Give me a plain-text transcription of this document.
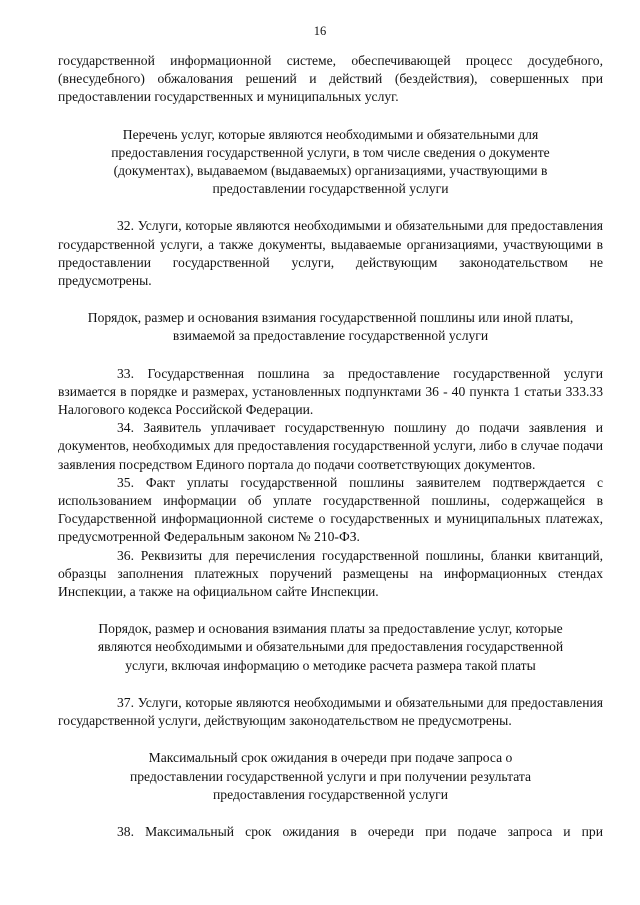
16

государственной информационной системе, обеспечивающей процесс досудебного, (внесудебного) обжалования решений и действий (бездействия), совершенных при предоставлении государственных и муниципальных услуг.

Перечень услуг, которые являются необходимыми и обязательными для предоставления государственной услуги, в том числе сведения о документе (документах), выдаваемом (выдаваемых) организациями, участвующими в предоставлении государственной услуги

32. Услуги, которые являются необходимыми и обязательными для предоставления государственной услуги, а также документы, выдаваемые организациями, участвующими в предоставлении государственной услуги, действующим законодательством не предусмотрены.

Порядок, размер и основания взимания государственной пошлины или иной платы, взимаемой за предоставление государственной услуги

33. Государственная пошлина за предоставление государственной услуги взимается в порядке и размерах, установленных подпунктами 36 - 40 пункта 1 статьи 333.33 Налогового кодекса Российской Федерации.

34. Заявитель уплачивает государственную пошлину до подачи заявления и документов, необходимых для предоставления государственной услуги, либо в случае подачи заявления посредством Единого портала до подачи соответствующих документов.

35. Факт уплаты государственной пошлины заявителем подтверждается с использованием информации об уплате государственной пошлины, содержащейся в Государственной информационной системе о государственных и муниципальных платежах, предусмотренной Федеральным законом № 210-ФЗ.

36. Реквизиты для перечисления государственной пошлины, бланки квитанций, образцы заполнения платежных поручений размещены на информационных стендах Инспекции, а также на официальном сайте Инспекции.

Порядок, размер и основания взимания платы за предоставление услуг, которые являются необходимыми и обязательными для предоставления государственной услуги, включая информацию о методике расчета размера такой платы

37. Услуги, которые являются необходимыми и обязательными для предоставления государственной услуги, действующим законодательством не предусмотрены.

Максимальный срок ожидания в очереди при подаче запроса о предоставлении государственной услуги и при получении результата предоставления государственной услуги

38. Максимальный срок ожидания в очереди при подаче запроса и при
